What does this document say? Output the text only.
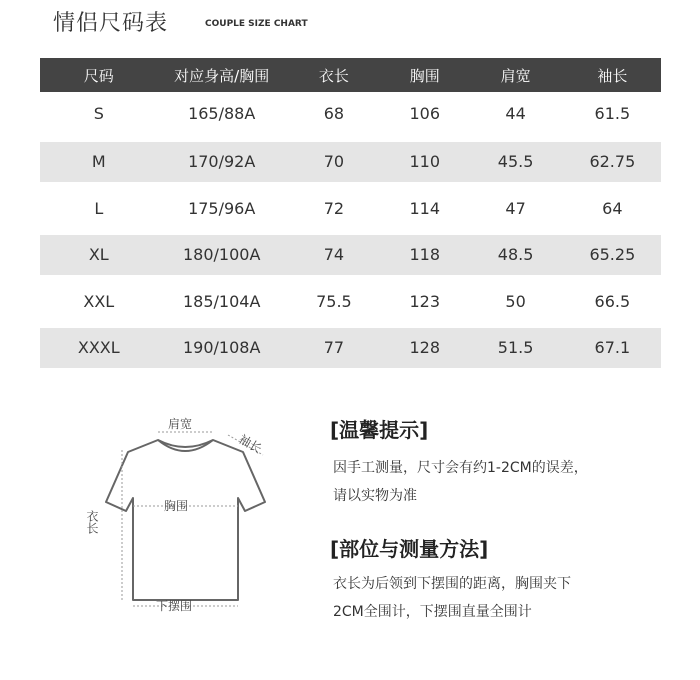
情侣尺码表	COUPLE SIZE CHART
尺码	对应身高/胸围	衣长	胸围	肩宽	袖长
S	165/88A	68	106	44	61.5
M	170/92A	70	110	45.5	62.75
L	175/96A	72	114	47	64
XL	180/100A	74	118	48.5	65.25
XXL	185/104A	75.5	123	50	66.5
XXXL	190/108A	77	128	51.5	67.1
肩宽
袖长
胸围
衣长
下摆围
[温馨提示]
因手工测量，尺寸会有约1-2CM的误差，
请以实物为准
[部位与测量方法]
衣长为后领到下摆围的距离，胸围夹下
2CM全围计，下摆围直量全围计
